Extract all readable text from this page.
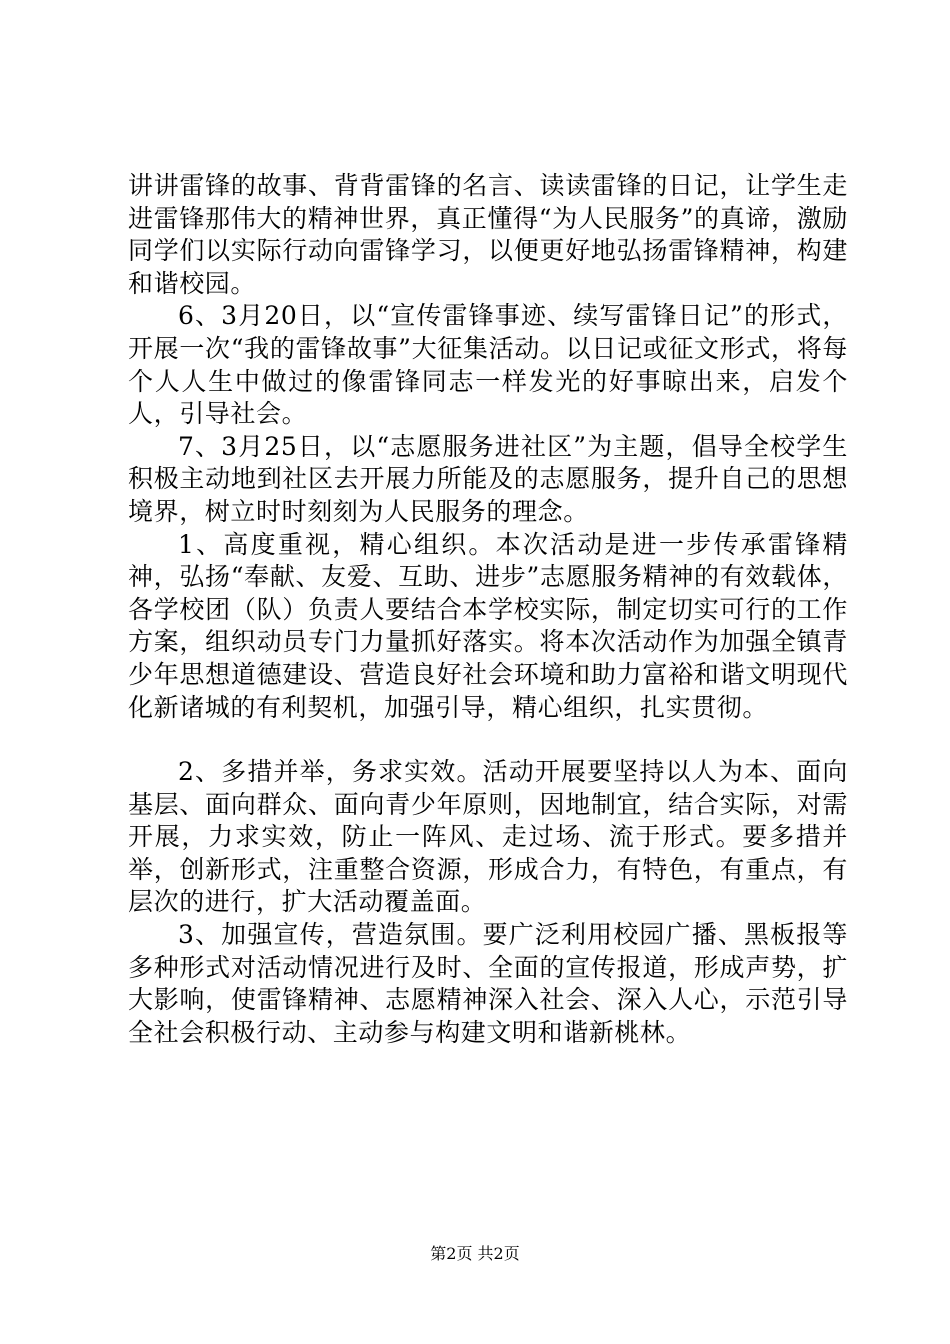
讲讲雷锋的故事、背背雷锋的名言、读读雷锋的日记，让学生走进雷锋那伟大的精神世界，真正懂得“为人民服务”的真谛，激励同学们以实际行动向雷锋学习，以便更好地弘扬雷锋精神，构建和谐校园。

6、3月20日，以“宣传雷锋事迹、续写雷锋日记”的形式，开展一次“我的雷锋故事”大征集活动。以日记或征文形式，将每个人人生中做过的像雷锋同志一样发光的好事晾出来，启发个人，引导社会。

7、3月25日，以“志愿服务进社区”为主题，倡导全校学生积极主动地到社区去开展力所能及的志愿服务，提升自己的思想境界，树立时时刻刻为人民服务的理念。

1、高度重视，精心组织。本次活动是进一步传承雷锋精神，弘扬“奉献、友爱、互助、进步”志愿服务精神的有效载体，各学校团（队）负责人要结合本学校实际，制定切实可行的工作方案，组织动员专门力量抓好落实。将本次活动作为加强全镇青少年思想道德建设、营造良好社会环境和助力富裕和谐文明现代化新诸城的有利契机，加强引导，精心组织，扎实贯彻。

2、多措并举，务求实效。活动开展要坚持以人为本、面向基层、面向群众、面向青少年原则，因地制宜，结合实际，对需开展，力求实效，防止一阵风、走过场、流于形式。要多措并举，创新形式，注重整合资源，形成合力，有特色，有重点，有层次的进行，扩大活动覆盖面。

3、加强宣传，营造氛围。要广泛利用校园广播、黑板报等多种形式对活动情况进行及时、全面的宣传报道，形成声势，扩大影响，使雷锋精神、志愿精神深入社会、深入人心，示范引导全社会积极行动、主动参与构建文明和谐新桃林。

第2页 共2页
